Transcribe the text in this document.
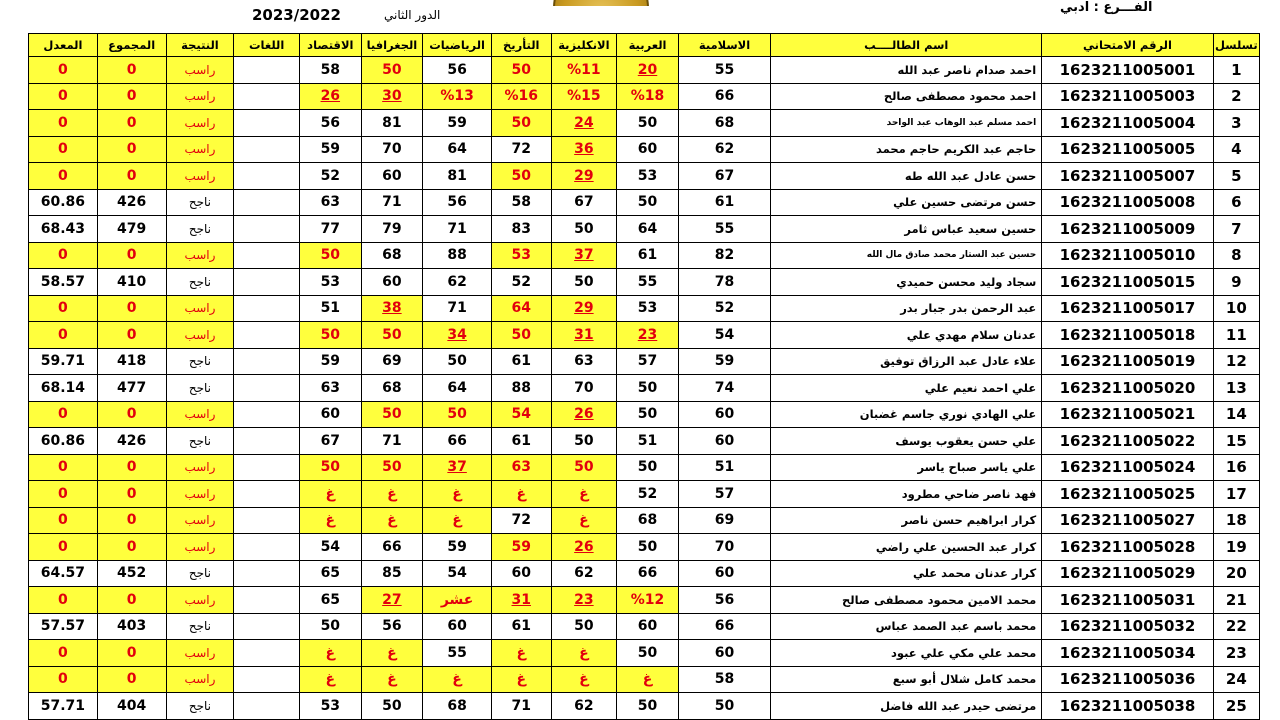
2023/2022	الدور الثاني	الفـــرع : ادبي
المعدل	المجموع	النتيجة	اللغات	الاقتصاد	الجغرافيا	الرياضيات	التأريخ	الانكليزية	العربية	الاسلامية	اسم الطالــــب	الرقم الامتحاني	تسلسل
0	0	راسب		58	50	56	50	%11	20	55	احمد صدام ناصر عبد الله	1623211005001	1
0	0	راسب		26	30	%13	%16	%15	%18	66	احمد محمود مصطفى صالح	1623211005003	2
0	0	راسب		56	81	59	50	24	50	68	احمد مسلم عبد الوهاب عبد الواحد	1623211005004	3
0	0	راسب		59	70	64	72	36	60	62	حاجم عبد الكريم حاجم محمد	1623211005005	4
0	0	راسب		52	60	81	50	29	53	67	حسن عادل عبد الله طه	1623211005007	5
60.86	426	ناجح		63	71	56	58	67	50	61	حسن مرتضى حسين علي	1623211005008	6
68.43	479	ناجح		77	79	71	83	50	64	55	حسين سعيد عباس ثامر	1623211005009	7
0	0	راسب		50	68	88	53	37	61	82	حسين عبد الستار محمد صادق مال الله	1623211005010	8
58.57	410	ناجح		53	60	62	52	50	55	78	سجاد وليد محسن حميدي	1623211005015	9
0	0	راسب		51	38	71	64	29	53	52	عبد الرحمن بدر جبار بدر	1623211005017	10
0	0	راسب		50	50	34	50	31	23	54	عدنان سلام مهدي علي	1623211005018	11
59.71	418	ناجح		59	69	50	61	63	57	59	علاء عادل عبد الرزاق توفيق	1623211005019	12
68.14	477	ناجح		63	68	64	88	70	50	74	علي احمد نعيم علي	1623211005020	13
0	0	راسب		60	50	50	54	26	50	60	علي الهادي نوري جاسم غضبان	1623211005021	14
60.86	426	ناجح		67	71	66	61	50	51	60	علي حسن يعقوب يوسف	1623211005022	15
0	0	راسب		50	50	37	63	50	50	51	علي ياسر صباح ياسر	1623211005024	16
0	0	راسب		غ	غ	غ	غ	غ	52	57	فهد ناصر ضاحي مطرود	1623211005025	17
0	0	راسب		غ	غ	غ	72	غ	68	69	كرار ابراهيم حسن ناصر	1623211005027	18
0	0	راسب		54	66	59	59	26	50	70	كرار عبد الحسين علي راضي	1623211005028	19
64.57	452	ناجح		65	85	54	60	62	66	60	كرار عدنان محمد علي	1623211005029	20
0	0	راسب		65	27	عشر	31	23	%12	56	محمد الامين محمود مصطفى صالح	1623211005031	21
57.57	403	ناجح		50	56	60	61	50	60	66	محمد باسم عبد الصمد عباس	1623211005032	22
0	0	راسب		غ	غ	55	غ	غ	50	60	محمد علي مكي علي عبود	1623211005034	23
0	0	راسب		غ	غ	غ	غ	غ	غ	58	محمد كامل شلال أبو سبع	1623211005036	24
57.71	404	ناجح		53	50	68	71	62	50	50	مرتضى حيدر عبد الله فاضل	1623211005038	25
